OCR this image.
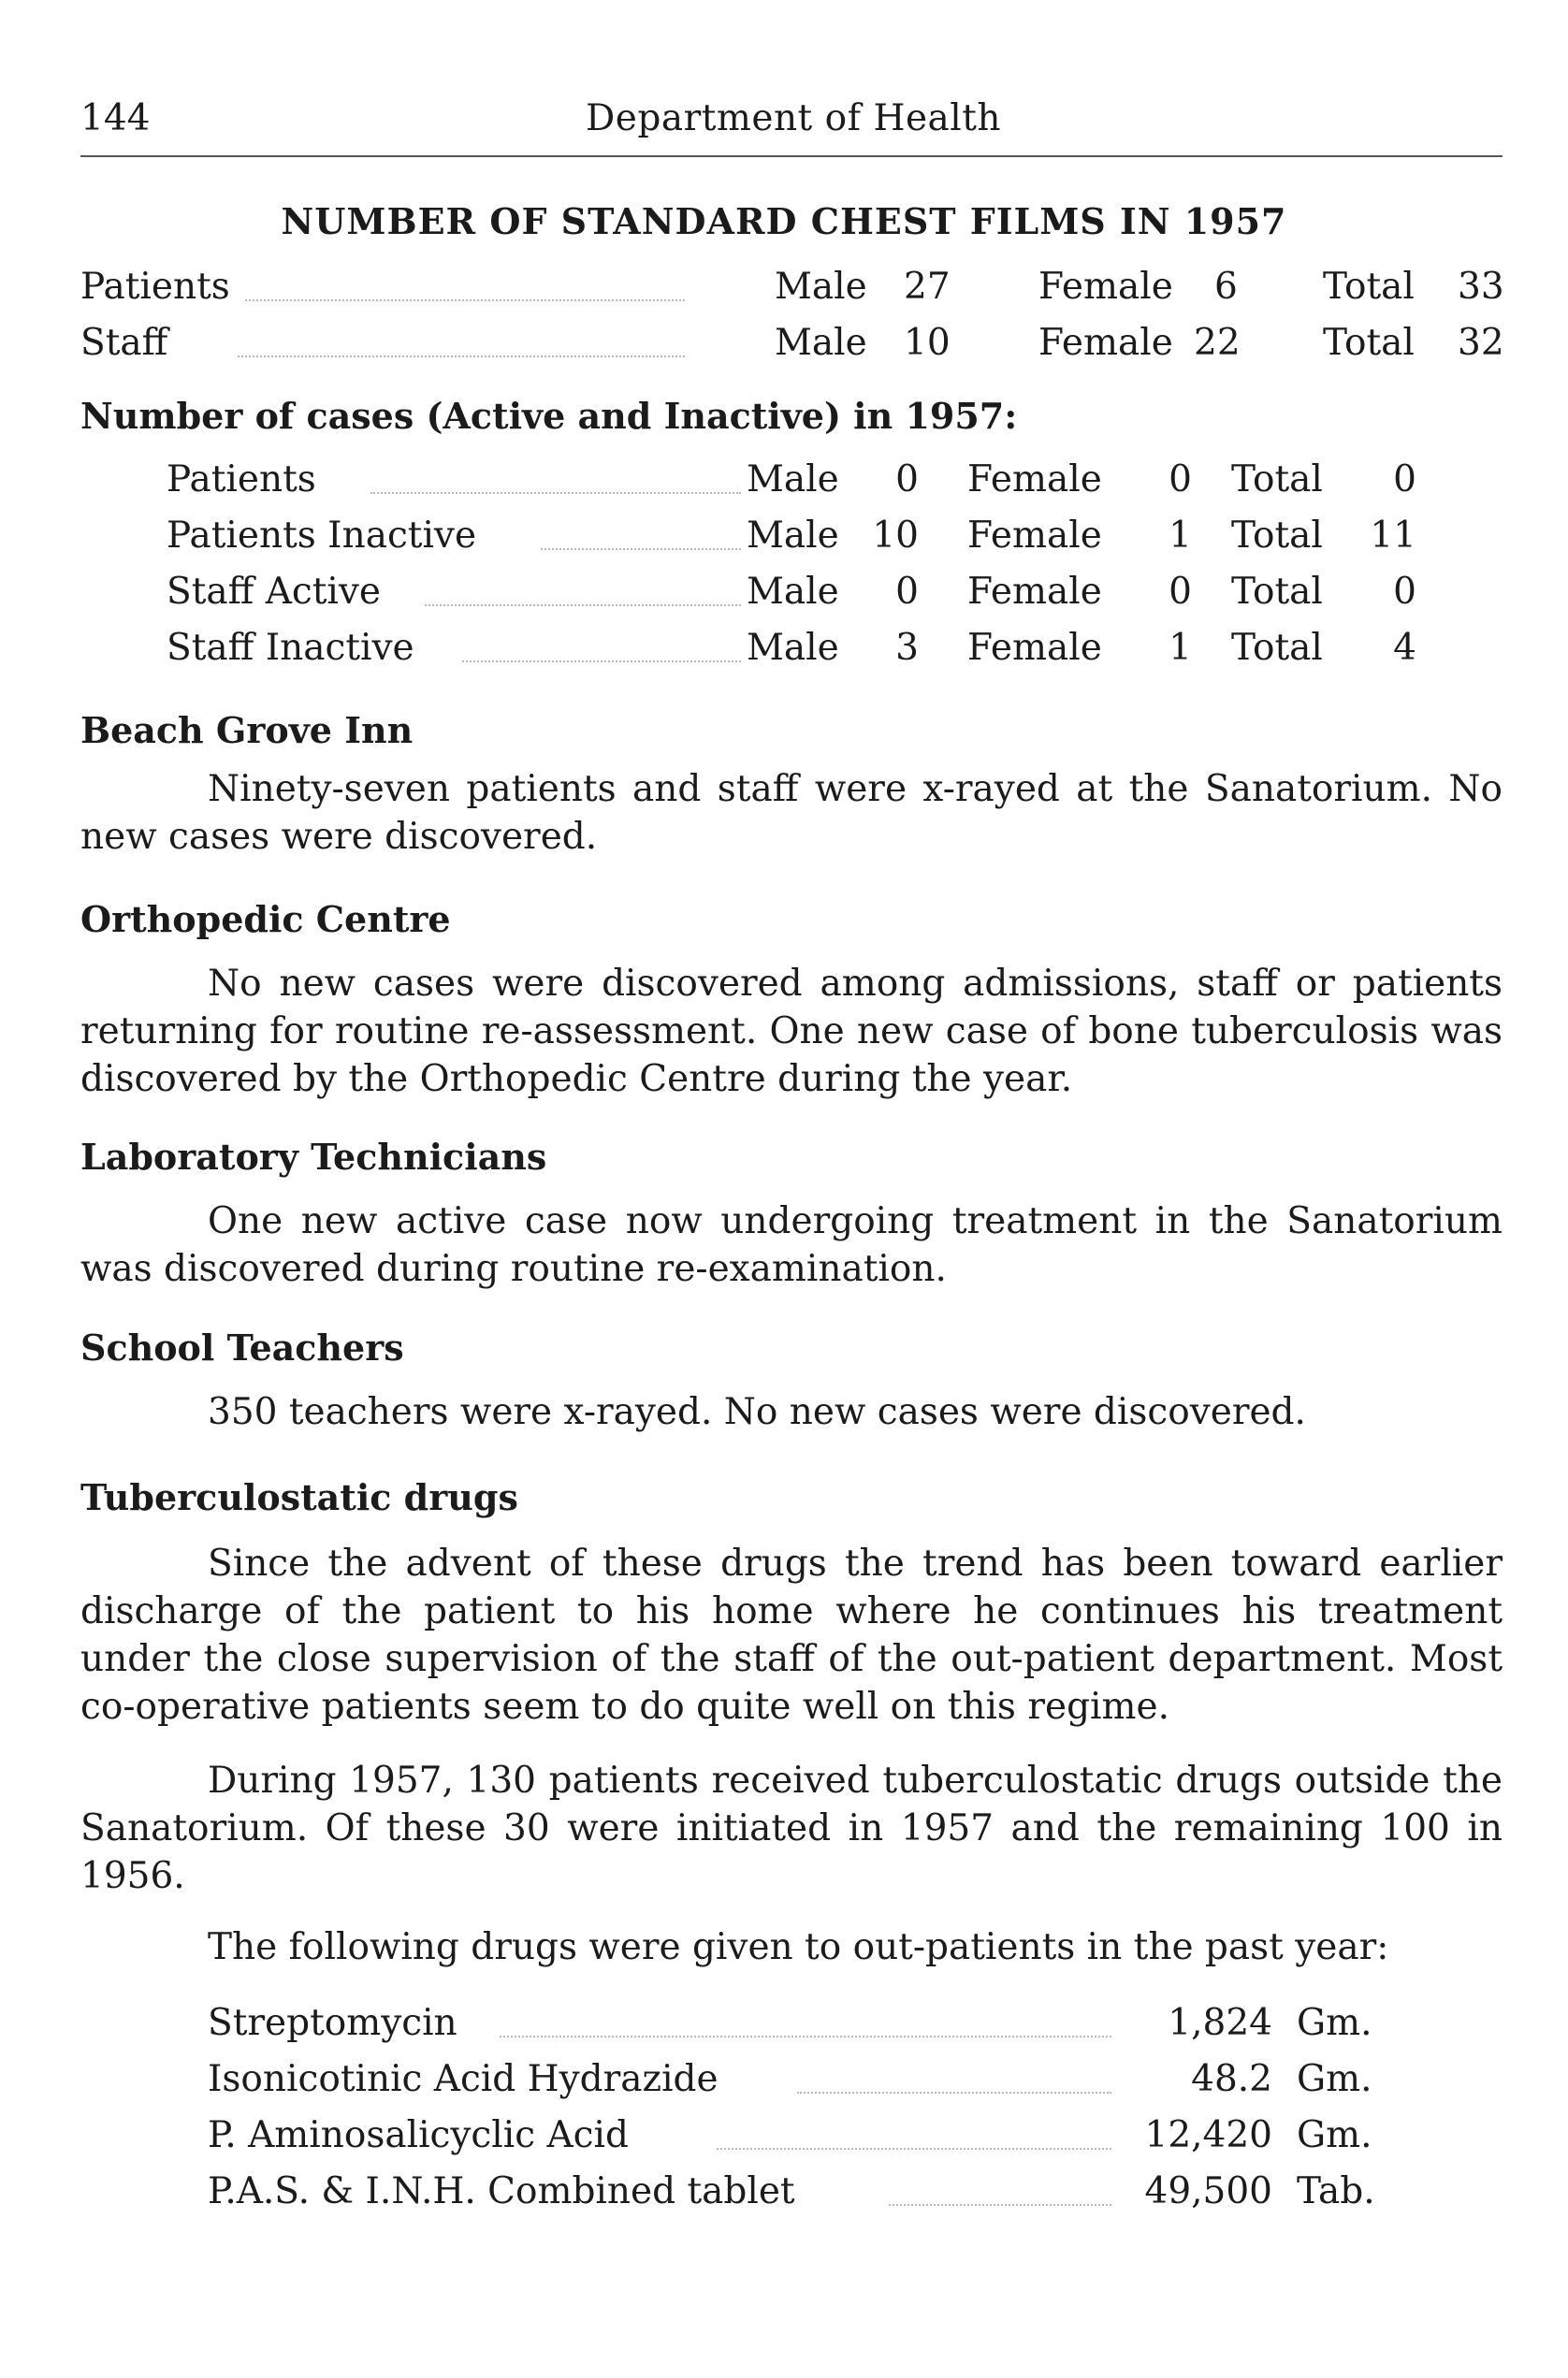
144	Department of Health
NUMBER OF STANDARD CHEST FILMS IN 1957
Patients	Male 27 Female 6 Total 33
Staff	Male 10 Female 22 Total 32
Number of cases (Active and Inactive) in 1957:
Patients	Male	0 Female	0 Total	0
Patients Inactive	Male 10 Female	1 Total	11
Staff Active	Male	0 Female	0 Total	0
Staff Inactive	Male	3 Female	1 Total	4
Beach Grove Inn

Ninety-seven patients and staff were x-rayed at the Sanatorium. No new cases were discovered.

Orthopedic Centre

No new cases were discovered among admissions, staff or patients returning for routine re-assessment. One new case of bone tuberculosis was discovered by the Orthopedic Centre during the year.

Laboratory Technicians

One new active case now undergoing treatment in the Sanatorium was discovered during routine re-examination.

School Teachers

350 teachers were x-rayed. No new cases were discovered.

Tuberculostatic drugs

Since the advent of these drugs the trend has been toward earlier discharge of the patient to his home where he continues his treatment under the close supervision of the staff of the out-patient department. Most co-operative patients seem to do quite well on this regime.

During 1957, 130 patients received tuberculostatic drugs outside the Sanatorium. Of these 30 were initiated in 1957 and the remaining 100 in 1956.

The following drugs were given to out-patients in the past year:

Streptomycin	1,824 Gm.
Isonicotinic Acid Hydrazide	48.2 Gm.
P. Aminosalicyclic Acid	12,420 Gm.
P.A.S. & I.N.H. Combined tablet	49,500 Tab.
